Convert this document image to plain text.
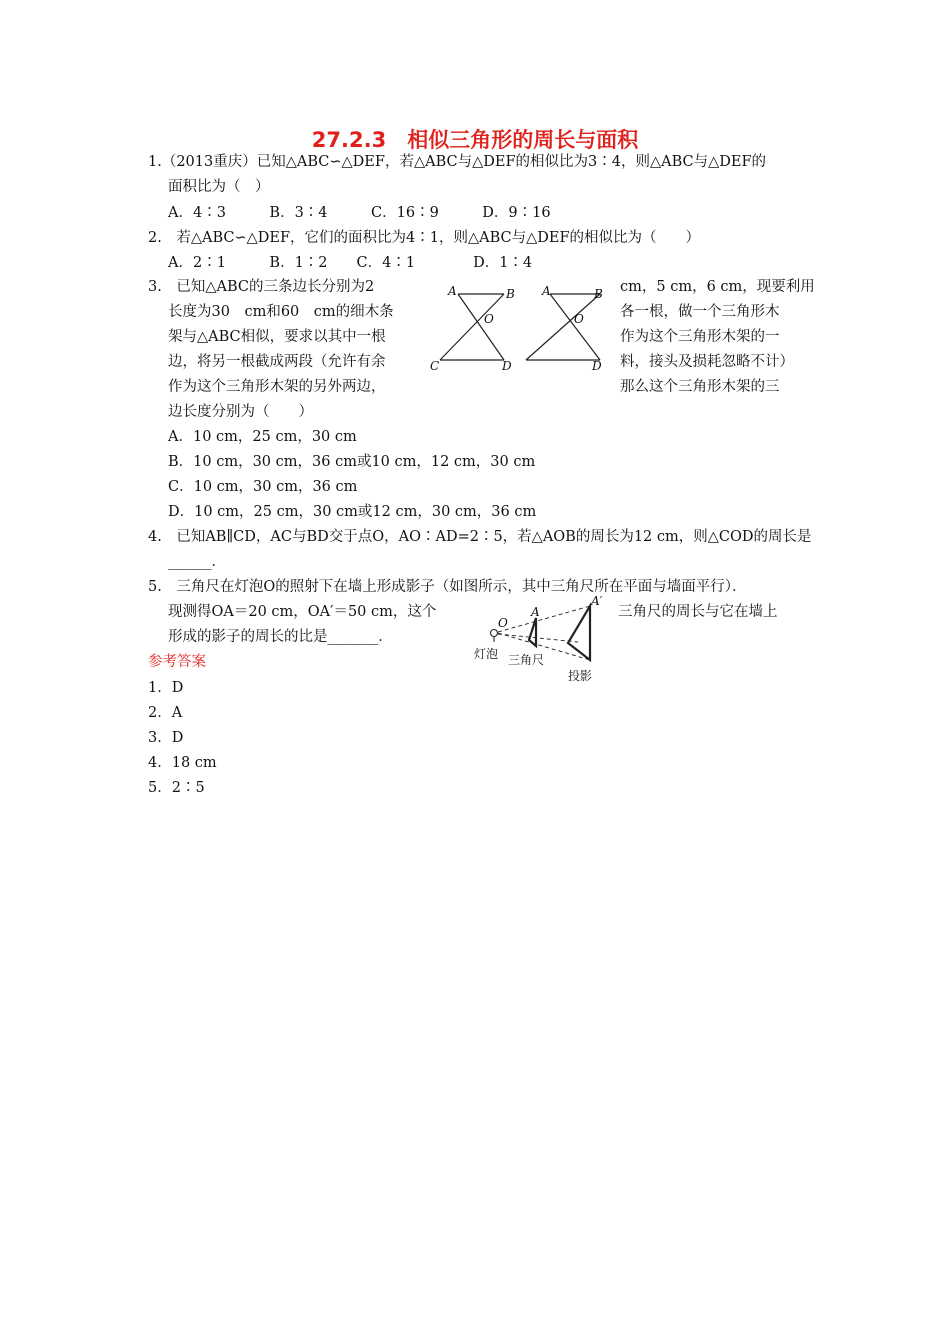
27.2.3　相似三角形的周长与面积
1.（2013重庆）已知△ABC∽△DEF，若△ABC与△DEF的相似比为3∶4，则△ABC与△DEF的
面积比为（　）
A．4∶3　　　B．3∶4　　　C．16∶9　　　D．9∶16
2.　若△ABC∽△DEF，它们的面积比为4∶1，则△ABC与△DEF的相似比为（　　）
A．2∶1　　　B．1∶2　　C．4∶1　　　　D．1∶4
3.　已知△ABC的三条边长分别为2
长度为30　cm和60　cm的细木条
架与△ABC相似，要求以其中一根
边，将另一根截成两段（允许有余
作为这个三角形木架的另外两边，
cm，5 cm，6 cm，现要利用
各一根，做一个三角形木
作为这个三角形木架的一
料，接头及损耗忽略不计）
那么这个三角形木架的三
A	B
O
C	D
A	B
O
D
边长度分别为（　　）
A．10 cm，25 cm，30 cm
B．10 cm，30 cm，36 cm或10 cm，12 cm，30 cm
C．10 cm，30 cm，36 cm
D．10 cm，25 cm，30 cm或12 cm，30 cm，36 cm
4.　已知AB∥CD，AC与BD交于点O，AO∶AD=2∶5，若△AOB的周长为12 cm，则△COD的周长是
______．
5.　三角尺在灯泡O的照射下在墙上形成影子（如图所示，其中三角尺所在平面与墙面平行）．
现测得OA＝20 cm，OA′＝50 cm，这个	三角尺的周长与它在墙上
形成的影子的周长的比是_______．
O
A
A′
灯泡 三角尺
投影
参考答案
1．D
2．A
3．D
4．18 cm
5．2∶5
